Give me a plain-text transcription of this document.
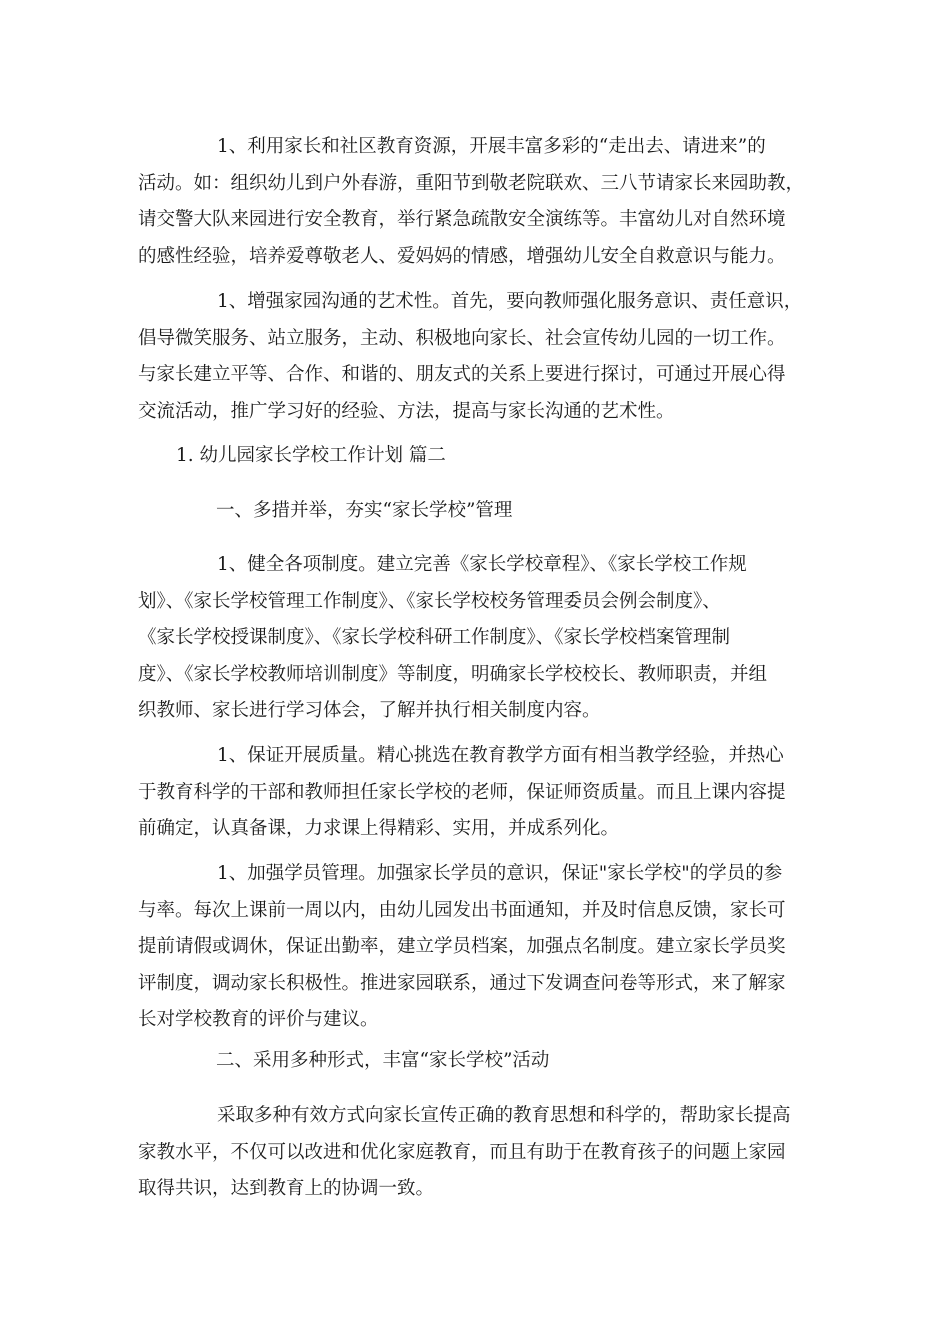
1、利用家长和社区教育资源，开展丰富多彩的“走出去、请进来”的
活动。如：组织幼儿到户外春游，重阳节到敬老院联欢、三八节请家长来园助教，
请交警大队来园进行安全教育，举行紧急疏散安全演练等。丰富幼儿对自然环境
的感性经验，培养爱尊敬老人、爱妈妈的情感，增强幼儿安全自救意识与能力。
1、增强家园沟通的艺术性。首先，要向教师强化服务意识、责任意识，
倡导微笑服务、站立服务，主动、积极地向家长、社会宣传幼儿园的一切工作。
与家长建立平等、合作、和谐的、朋友式的关系上要进行探讨，可通过开展心得
交流活动，推广学习好的经验、方法，提高与家长沟通的艺术性。
1. 幼儿园家长学校工作计划 篇二
一、多措并举，夯实“家长学校”管理
1、健全各项制度。建立完善《家长学校章程》、《家长学校工作规
划》、《家长学校管理工作制度》、《家长学校校务管理委员会例会制度》、
《家长学校授课制度》、《家长学校科研工作制度》、《家长学校档案管理制
度》、《家长学校教师培训制度》等制度，明确家长学校校长、教师职责，并组
织教师、家长进行学习体会，了解并执行相关制度内容。
1、保证开展质量。精心挑选在教育教学方面有相当教学经验，并热心
于教育科学的干部和教师担任家长学校的老师，保证师资质量。而且上课内容提
前确定，认真备课，力求课上得精彩、实用，并成系列化。
1、加强学员管理。加强家长学员的意识，保证"家长学校"的学员的参
与率。每次上课前一周以内，由幼儿园发出书面通知，并及时信息反馈，家长可
提前请假或调休，保证出勤率，建立学员档案，加强点名制度。建立家长学员奖
评制度，调动家长积极性。推进家园联系，通过下发调查问卷等形式，来了解家
长对学校教育的评价与建议。
二、采用多种形式，丰富“家长学校”活动
采取多种有效方式向家长宣传正确的教育思想和科学的，帮助家长提高
家教水平，不仅可以改进和优化家庭教育，而且有助于在教育孩子的问题上家园
取得共识，达到教育上的协调一致。
